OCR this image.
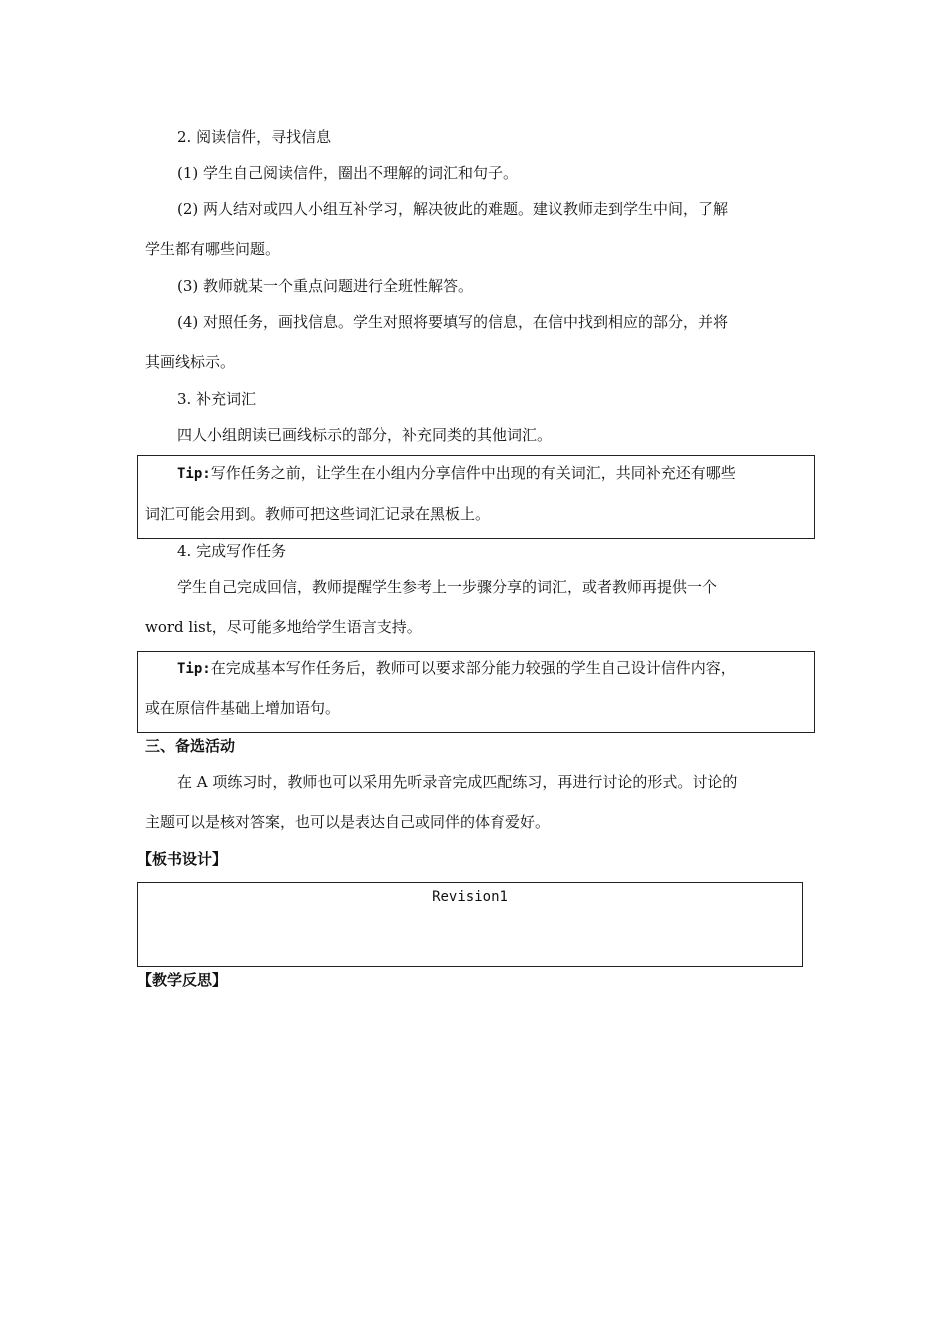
2. 阅读信件，寻找信息
(1) 学生自己阅读信件，圈出不理解的词汇和句子。
(2) 两人结对或四人小组互补学习，解决彼此的难题。建议教师走到学生中间，了解
学生都有哪些问题。
(3) 教师就某一个重点问题进行全班性解答。
(4) 对照任务，画找信息。学生对照将要填写的信息，在信中找到相应的部分，并将
其画线标示。
3. 补充词汇
四人小组朗读已画线标示的部分，补充同类的其他词汇。
Tip:写作任务之前，让学生在小组内分享信件中出现的有关词汇，共同补充还有哪些
词汇可能会用到。教师可把这些词汇记录在黑板上。
4. 完成写作任务
学生自己完成回信，教师提醒学生参考上一步骤分享的词汇，或者教师再提供一个
word list，尽可能多地给学生语言支持。
Tip:在完成基本写作任务后，教师可以要求部分能力较强的学生自己设计信件内容，
或在原信件基础上增加语句。
三、备选活动
在 A 项练习时，教师也可以采用先听录音完成匹配练习，再进行讨论的形式。讨论的
主题可以是核对答案，也可以是表达自己或同伴的体育爱好。
【板书设计】
Revision1
【教学反思】
